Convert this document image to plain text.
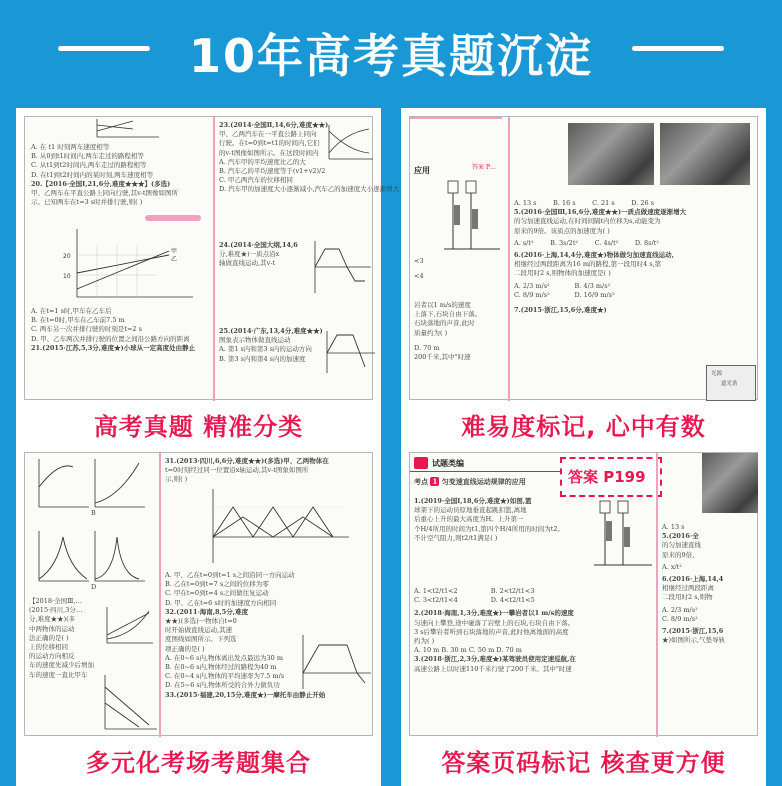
10年高考真题沉淀

A. 在 t1 时刻两车速度相等

B. 从0到t1时间内,两车走过的路程相等

C. 从t1到t2时间内,两车走过的路程相等

D. 在t1到t2时间内的某时刻,两车速度相等

20.【2016·全国Ⅰ,21,6分,难度★★★】(多选)

甲、乙两车在平直公路上同向行驶,其v-t图像如图所

示。已知两车在t=3 s时并排行驶,则( )

20
10
甲
乙

A. 在t=1 s时,甲车在乙车后

B. 在t=0时,甲车在乙车前7.5 m

C. 两车另一次并排行驶的时刻是t=2 s

D. 甲、乙车两次并排行驶的位置之间沿公路方向的距离

21.(2015·江苏,5,3分,难度★)小球从一定高度处由静止

23.(2014·全国Ⅱ,14,6分,难度★★)

甲、乙两汽车在一平直公路上同向

行驶。在t=0到t=t1的时间内,它们

的v-t图像如图所示。在这段时间内

A. 汽车甲的平均速度比乙的大

B. 汽车乙的平均速度等于(v1+v2)/2

C. 甲乙两汽车的位移相同

D. 汽车甲的加速度大小逐渐减小,汽车乙的加速度大小逐渐增大

24.(2014·全国大纲,14,6

分,难度★)一质点沿x

轴做直线运动,其v-t

25.(2014·广东,13,4分,难度★★)

图象表示物体做直线运动

A. 第1 s内和第3 s内的运动方向

B. 第3 s内和第4 s内的加速度

高考真题 精准分类
应用	答案 P…

<3

<4

岩者以1 m/s的速度

上落下,石块自由下落。

石块落地的声音,此时

质量约为( )

D. 70 m

200千米,其中"时速

A. 13 s	B. 16 s	C. 21 s	D. 26 s

5.(2016·全国Ⅲ,16,6分,难度★★)一质点做速度逐渐增大

的匀加速直线运动,在时间间隔t内位移为s,动能变为

原来的9倍。该质点的加速度为( )

A. s/t²	B. 3s/2t²	C. 4s/t²	D. 8s/t²

6.(2016·上海,14,4分,难度★)物体做匀加速直线运动,

相继经过两段距离为16 m的路程,第一段用时4 s,第

二段用时2 s,则物体的加速度是( )

A. 2/3 m/s²	B. 4/3 m/s²

C. 8/9 m/s²	D. 16/9 m/s²

7.(2015·浙江,15,6分,难度★)

光源
遮光条
难易度标记, 心中有数
B
D

【2018·全国Ⅲ,…

(2015·四川,3分…

分,难度★★)(多

中两物体的运动

法正确的是( )

上的位移相同

的运动方向相反

车的速度先减少后增加

车的速度一直比甲车

31.(2013·四川,6,6分,难度★★)(多选)甲、乙两物体在

t=0时刻经过同一位置沿x轴运动,其v-t图象如图所

示,则( )

A. 甲、乙在t=0到t=1 s之间沿同一方向运动

B. 乙在t=0到t=7 s之间的位移为零

C. 甲在t=0到t=4 s之间做往复运动

D. 甲、乙在t=6 s时的加速度方向相同

32.(2011·海南,8,5分,难度

★★)(多选)一物体自t=0

时开始做直线运动,其速

度图线如图所示。下列选

项正确的是( )

A. 在0~6 s内,物体离出发点最远为30 m

B. 在0~6 s内,物体经过的路程为40 m

C. 在0~4 s内,物体的平均速率为7.5 m/s

D. 在5~6 s内,物体所受的合外力做负功

33.(2015·福建,20,15分,难度★)一摩托车由静止开始

多元化考场考题集合
试题类编
考点 1 匀变速直线运动规律的应用	答案 P199

1.(2019·全国Ⅰ,18,6分,难度★)如图,篮

球架下的运动员原地垂直起跳扣篮,离地

后重心上升的最大高度为H。上升第一

个H/4所用的时间为t1,第四个H/4所用的时间为t2。

不计空气阻力,则t2/t1满足( )

A. 1<t2/t1<2	B. 2<t2/t1<3

C. 3<t2/t1<4	D. 4<t2/t1<5

2.(2018·海南,1,3分,难度★)一攀岩者以1 m/s的速度

匀速向上攀登,途中碰落了岩壁上的石块,石块自由下落。

3 s后攀岩者听到石块落地的声音,此时他离地面的高度

约为( )

A. 10 m B. 30 m C. 50 m D. 70 m

3.(2018·浙江,2,3分,难度★)某驾驶员使用定速巡航,在

高速公路上以时速110千米行驶了200千米。其中"时速

A. 13 s

5.(2016·全

的匀加速直线

原来的9倍,

A. x/t²

6.(2016·上海,14,4

相继经过两段距离

二段用时2 s,则物

A. 2/3 m/s²

C. 8/9 m/s²

7.(2015·浙江,15,6

★)如图所示,气垫导轨

答案页码标记 核查更方便
